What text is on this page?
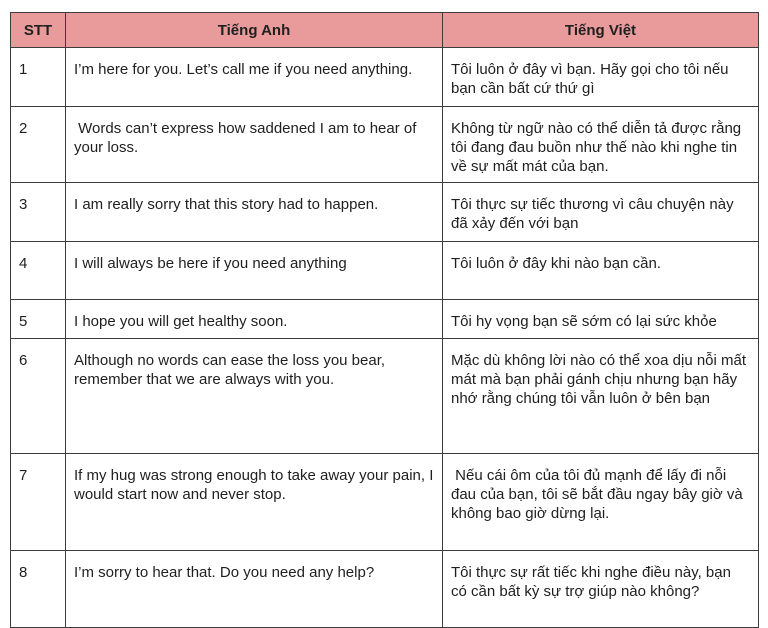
STT	Tiếng Anh	Tiếng Việt
1	I’m here for you. Let’s call me if you need anything.	Tôi luôn ở đây vì bạn. Hãy gọi cho tôi nếu bạn cần bất cứ thứ gì

2	Words can’t express how saddened I am to hear of your loss.	Không từ ngữ nào có thể diễn tả được rằng tôi đang đau buồn như thế nào khi nghe tin về sự mất mát của bạn.

3	I am really sorry that this story had to happen.	Tôi thực sự tiếc thương vì câu chuyện này đã xảy đến với bạn

4	I will always be here if you need anything	Tôi luôn ở đây khi nào bạn cần.

5	I hope you will get healthy soon.	Tôi hy vọng bạn sẽ sớm có lại sức khỏe

6	Although no words can ease the loss you bear, remember that we are always with you.	Mặc dù không lời nào có thể xoa dịu nỗi mất mát mà bạn phải gánh chịu nhưng bạn hãy nhớ rằng chúng tôi vẫn luôn ở bên bạn

7	If my hug was strong enough to take away your pain, I would start now and never stop.	Nếu cái ôm của tôi đủ mạnh để lấy đi nỗi đau của bạn, tôi sẽ bắt đầu ngay bây giờ và không bao giờ dừng lại.

8	I’m sorry to hear that. Do you need any help?	Tôi thực sự rất tiếc khi nghe điều này, bạn có cần bất kỳ sự trợ giúp nào không?
